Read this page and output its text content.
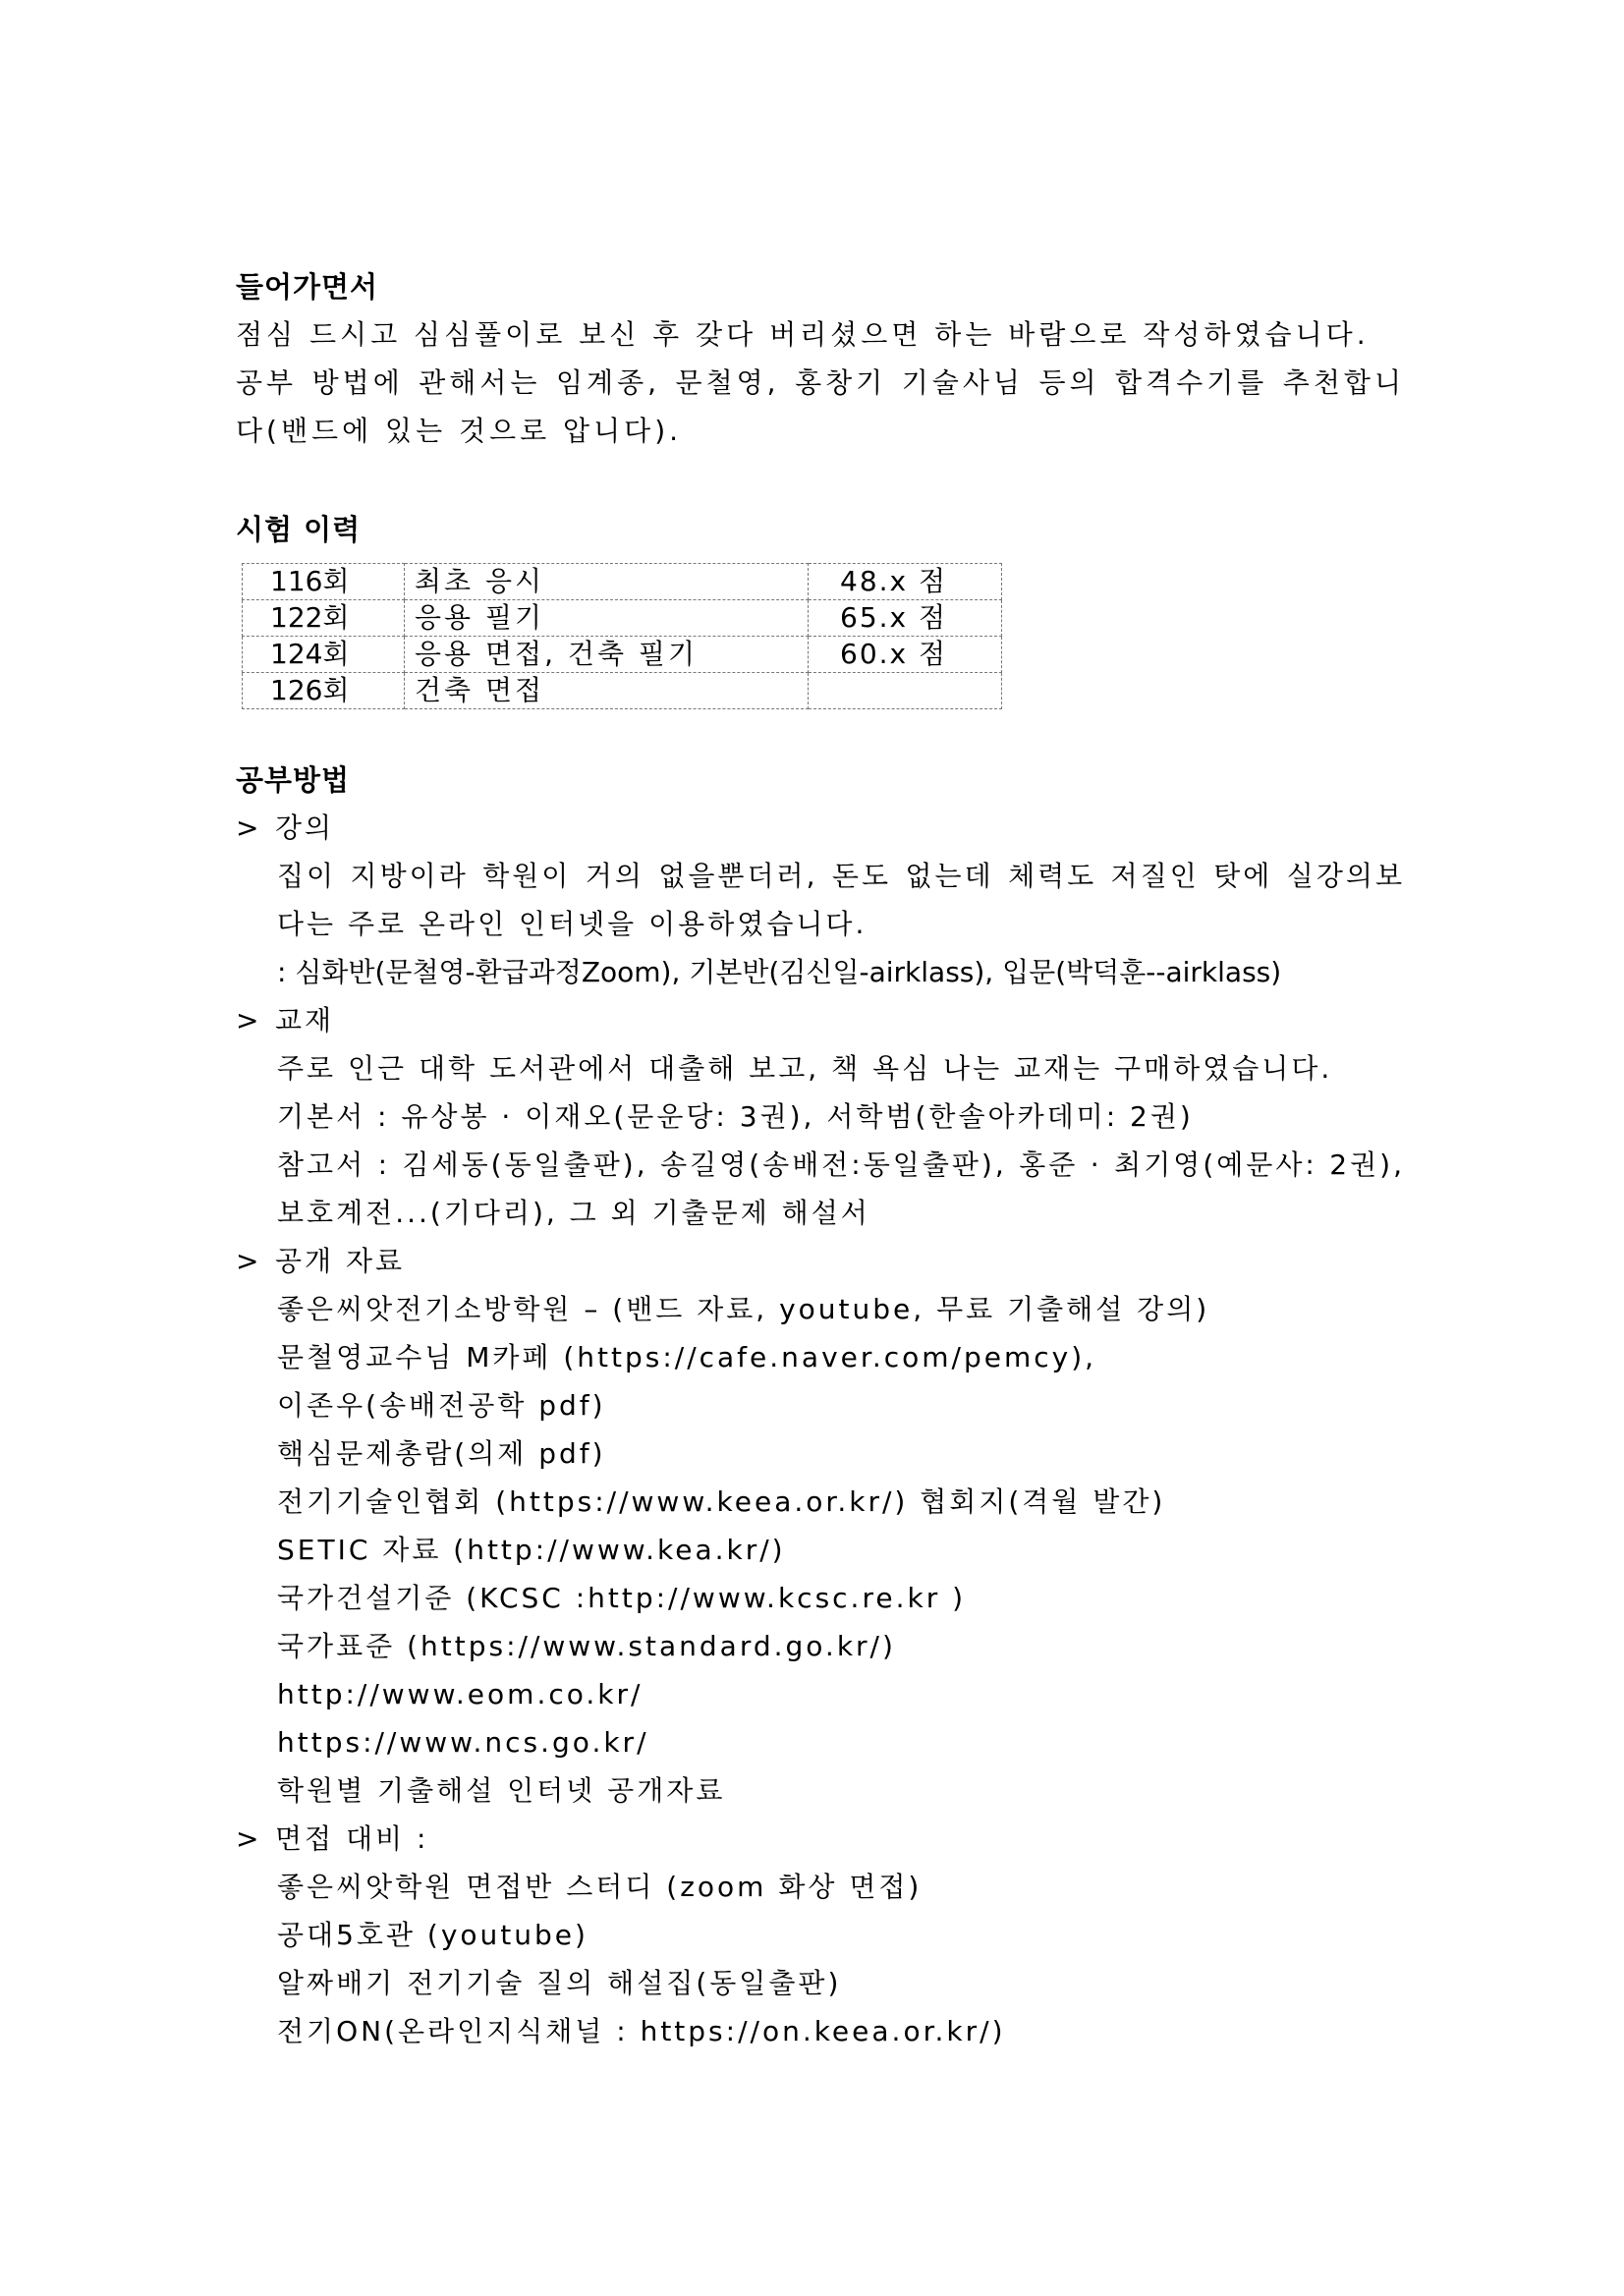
들어가면서
점심 드시고 심심풀이로 보신 후 갖다 버리셨으면 하는 바람으로 작성하였습니다.
공부 방법에 관해서는 임계종, 문철영, 홍창기 기술사님 등의 합격수기를 추천합니다(밴드에 있는 것으로 압니다).
시험 이력
116회	최초 응시	48.x 점
122회	응용 필기	65.x 점
124회	응용 면접, 건축 필기	60.x 점
126회	건축 면접	
공부방법
> 강의
집이 지방이라 학원이 거의 없을뿐더러, 돈도 없는데 체력도 저질인 탓에 실강의보다는 주로 온라인 인터넷을 이용하였습니다.
: 심화반(문철영-환급과정Zoom), 기본반(김신일-airklass), 입문(박덕훈--airklass)
> 교재
주로 인근 대학 도서관에서 대출해 보고, 책 욕심 나는 교재는 구매하였습니다.
기본서 : 유상봉 · 이재오(문운당: 3권), 서학범(한솔아카데미: 2권)
참고서 : 김세동(동일출판), 송길영(송배전:동일출판), 홍준 · 최기영(예문사: 2권), 보호계전...(기다리), 그 외 기출문제 해설서
> 공개 자료
좋은씨앗전기소방학원 – (밴드 자료, youtube, 무료 기출해설 강의)
문철영교수님 M카페 (https://cafe.naver.com/pemcy),
이존우(송배전공학 pdf)
핵심문제총람(의제 pdf)
전기기술인협회 (https://www.keea.or.kr/) 협회지(격월 발간)
SETIC 자료 (http://www.kea.kr/)
국가건설기준 (KCSC :http://www.kcsc.re.kr )
국가표준 (https://www.standard.go.kr/)
http://www.eom.co.kr/
https://www.ncs.go.kr/
학원별 기출해설 인터넷 공개자료
> 면접 대비 :
좋은씨앗학원 면접반 스터디 (zoom 화상 면접)
공대5호관 (youtube)
알짜배기 전기기술 질의 해설집(동일출판)
전기ON(온라인지식채널 : https://on.keea.or.kr/)
